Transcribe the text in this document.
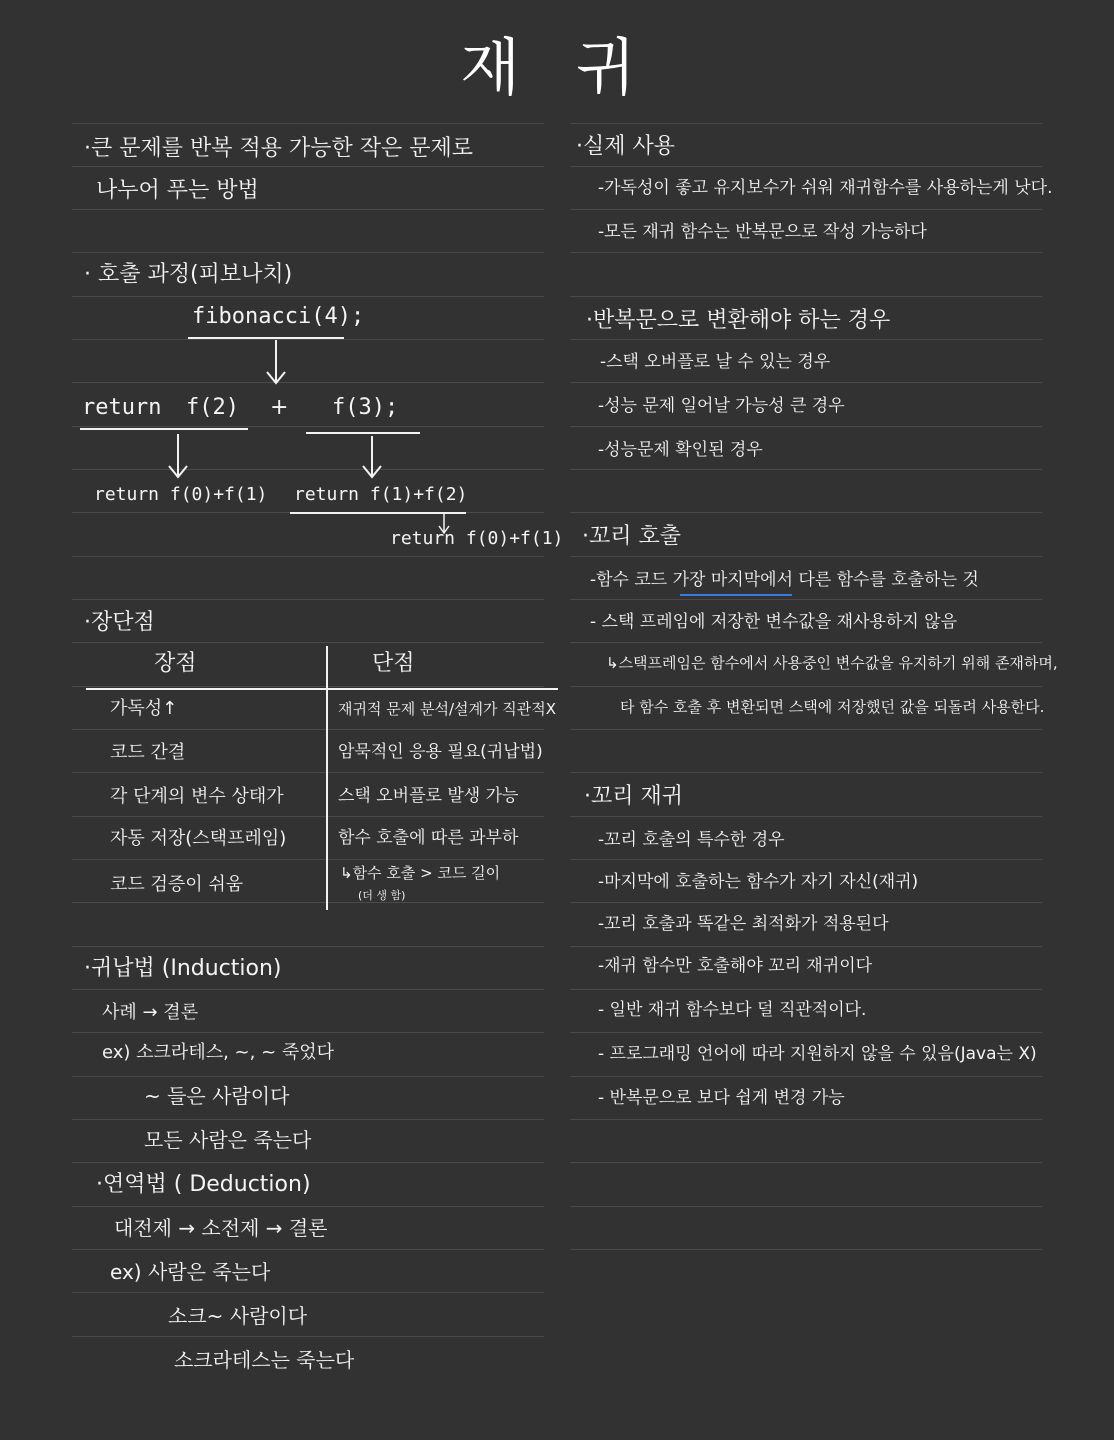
재 귀
·큰 문제를 반복 적용 가능한 작은 문제로
나누어 푸는 방법
· 호출 과정(피보나치)
fibonacci(4);
return f(2) + f(3);
return f(0)+f(1) return f(1)+f(2)
return f(0)+f(1)
·장단점
장점	단점
가독성↑
코드 간결
각 단계의 변수 상태가
자동 저장(스택프레임)
코드 검증이 쉬움
재귀적 문제 분석/설계가 직관적X
암묵적인 응용 필요(귀납법)
스택 오버플로 발생 가능
함수 호출에 따른 과부하
↳함수 호출 > 코드 길이
(더 생 함)
·귀납법 (Induction)
사례 → 결론
ex) 소크라테스, ~, ~ 죽었다
~ 들은 사람이다
모든 사람은 죽는다
·연역법 ( Deduction)
대전제 → 소전제 → 결론
ex) 사람은 죽는다
소크~ 사람이다
소크라테스는 죽는다
·실제 사용
-가독성이 좋고 유지보수가 쉬워 재귀함수를 사용하는게 낫다.
-모든 재귀 함수는 반복문으로 작성 가능하다
·반복문으로 변환해야 하는 경우
-스택 오버플로 날 수 있는 경우
-성능 문제 일어날 가능성 큰 경우
-성능문제 확인된 경우
·꼬리 호출
-함수 코드 가장 마지막에서 다른 함수를 호출하는 것
- 스택 프레임에 저장한 변수값을 재사용하지 않음
↳스택프레임은 함수에서 사용중인 변수값을 유지하기 위해 존재하며,
타 함수 호출 후 변환되면 스택에 저장했던 값을 되돌려 사용한다.
·꼬리 재귀
-꼬리 호출의 특수한 경우
-마지막에 호출하는 함수가 자기 자신(재귀)
-꼬리 호출과 똑같은 최적화가 적용된다
-재귀 함수만 호출해야 꼬리 재귀이다
- 일반 재귀 함수보다 덜 직관적이다.
- 프로그래밍 언어에 따라 지원하지 않을 수 있음(Java는 X)
- 반복문으로 보다 쉽게 변경 가능
